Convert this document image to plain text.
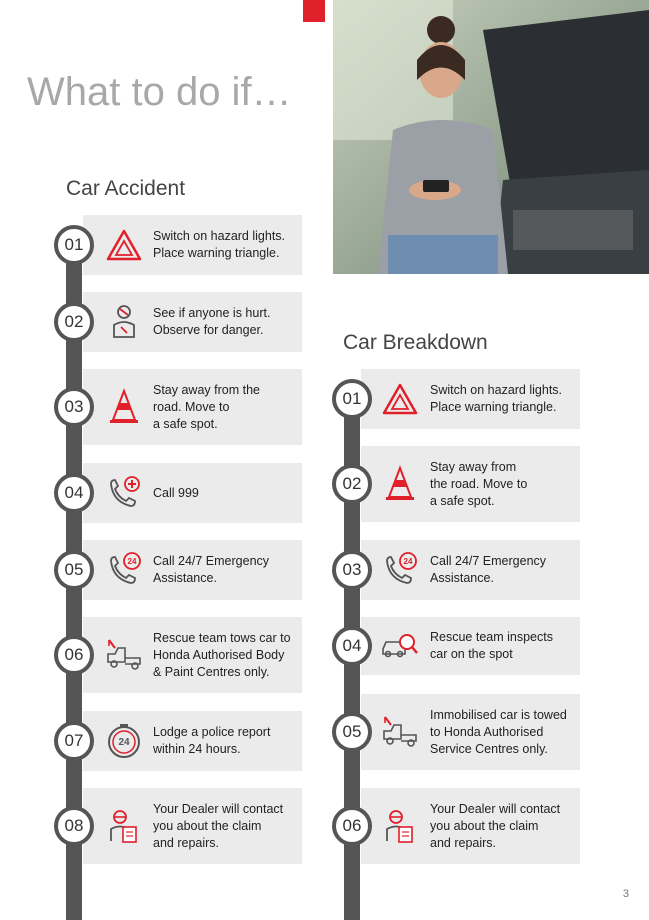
What to do if…
Car Accident
Car Breakdown
Switch on hazard lights.
Place warning triangle.
01
See if anyone is hurt.
Observe for danger.
02
Stay away from the
road. Move to
a safe spot.
03
Call 999
04
24 Call 24/7 Emergency
Assistance.
05
Rescue team tows car to
Honda Authorised Body
& Paint Centres only.
06
24
Lodge a police report
within 24 hours.
07
Your Dealer will contact
you about the claim
and repairs.
08
Switch on hazard lights.
Place warning triangle.
01
Stay away from
the road. Move to
a safe spot.
02
24 Call 24/7 Emergency
Assistance.
03
Rescue team inspects
car on the spot
04
Immobilised car is towed
to Honda Authorised
Service Centres only.
05
Your Dealer will contact
you about the claim
and repairs.
06
3
